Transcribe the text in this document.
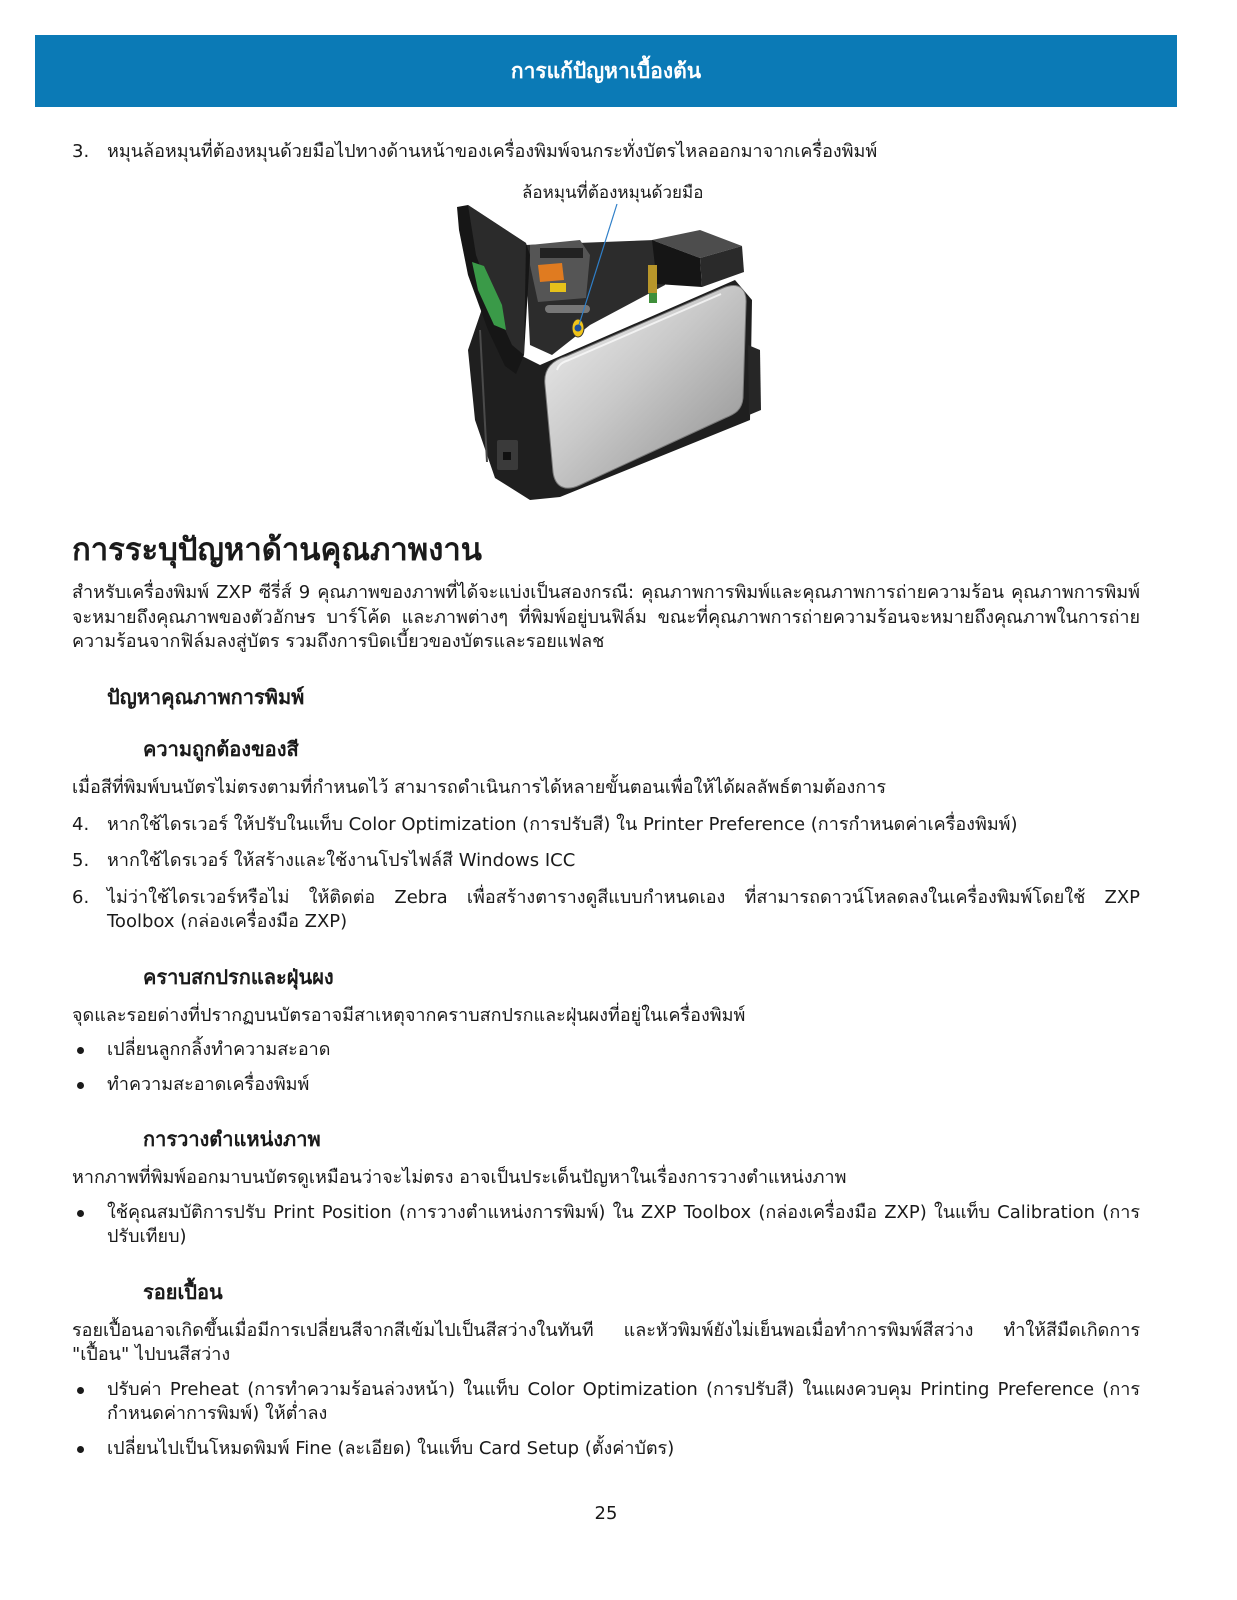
การแก้ปัญหาเบื้องต้น
3. หมุนล้อหมุนที่ต้องหมุนด้วยมือไปทางด้านหน้าของเครื่องพิมพ์จนกระทั่งบัตรไหลออกมาจากเครื่องพิมพ์
ล้อหมุนที่ต้องหมุนด้วยมือ
การระบุปัญหาด้านคุณภาพงาน
สำหรับเครื่องพิมพ์ ZXP ซีรี่ส์ 9 คุณภาพของภาพที่ได้จะแบ่งเป็นสองกรณี: คุณภาพการพิมพ์และคุณภาพการถ่ายความร้อน คุณภาพการพิมพ์จะหมายถึงคุณภาพของตัวอักษร บาร์โค้ด และภาพต่างๆ ที่พิมพ์อยู่บนฟิล์ม ขณะที่คุณภาพการถ่ายความร้อนจะหมายถึงคุณภาพในการถ่ายความร้อนจากฟิล์มลงสู่บัตร รวมถึงการบิดเบี้ยวของบัตรและรอยแฟลช
ปัญหาคุณภาพการพิมพ์
ความถูกต้องของสี
เมื่อสีที่พิมพ์บนบัตรไม่ตรงตามที่กำหนดไว้ สามารถดำเนินการได้หลายขั้นตอนเพื่อให้ได้ผลลัพธ์ตามต้องการ
4. หากใช้ไดรเวอร์ ให้ปรับในแท็บ Color Optimization (การปรับสี) ใน Printer Preference (การกำหนดค่าเครื่องพิมพ์)
5. หากใช้ไดรเวอร์ ให้สร้างและใช้งานโปรไฟล์สี Windows ICC
6. ไม่ว่าใช้ไดรเวอร์หรือไม่ ให้ติดต่อ Zebra เพื่อสร้างตารางดูสีแบบกำหนดเอง ที่สามารถดาวน์โหลดลงในเครื่องพิมพ์โดยใช้ ZXP Toolbox (กล่องเครื่องมือ ZXP)
คราบสกปรกและฝุ่นผง
จุดและรอยด่างที่ปรากฏบนบัตรอาจมีสาเหตุจากคราบสกปรกและฝุ่นผงที่อยู่ในเครื่องพิมพ์
เปลี่ยนลูกกลิ้งทำความสะอาด
ทำความสะอาดเครื่องพิมพ์
การวางตำแหน่งภาพ
หากภาพที่พิมพ์ออกมาบนบัตรดูเหมือนว่าจะไม่ตรง อาจเป็นประเด็นปัญหาในเรื่องการวางตำแหน่งภาพ
ใช้คุณสมบัติการปรับ Print Position (การวางตำแหน่งการพิมพ์) ใน ZXP Toolbox (กล่องเครื่องมือ ZXP) ในแท็บ Calibration (การปรับเทียบ)
รอยเปื้อน
รอยเปื้อนอาจเกิดขึ้นเมื่อมีการเปลี่ยนสีจากสีเข้มไปเป็นสีสว่างในทันที และหัวพิมพ์ยังไม่เย็นพอเมื่อทำการพิมพ์สีสว่าง ทำให้สีมืดเกิดการ "เปื้อน" ไปบนสีสว่าง
ปรับค่า Preheat (การทำความร้อนล่วงหน้า) ในแท็บ Color Optimization (การปรับสี) ในแผงควบคุม Printing Preference (การกำหนดค่าการพิมพ์) ให้ต่ำลง
เปลี่ยนไปเป็นโหมดพิมพ์ Fine (ละเอียด) ในแท็บ Card Setup (ตั้งค่าบัตร)
25
